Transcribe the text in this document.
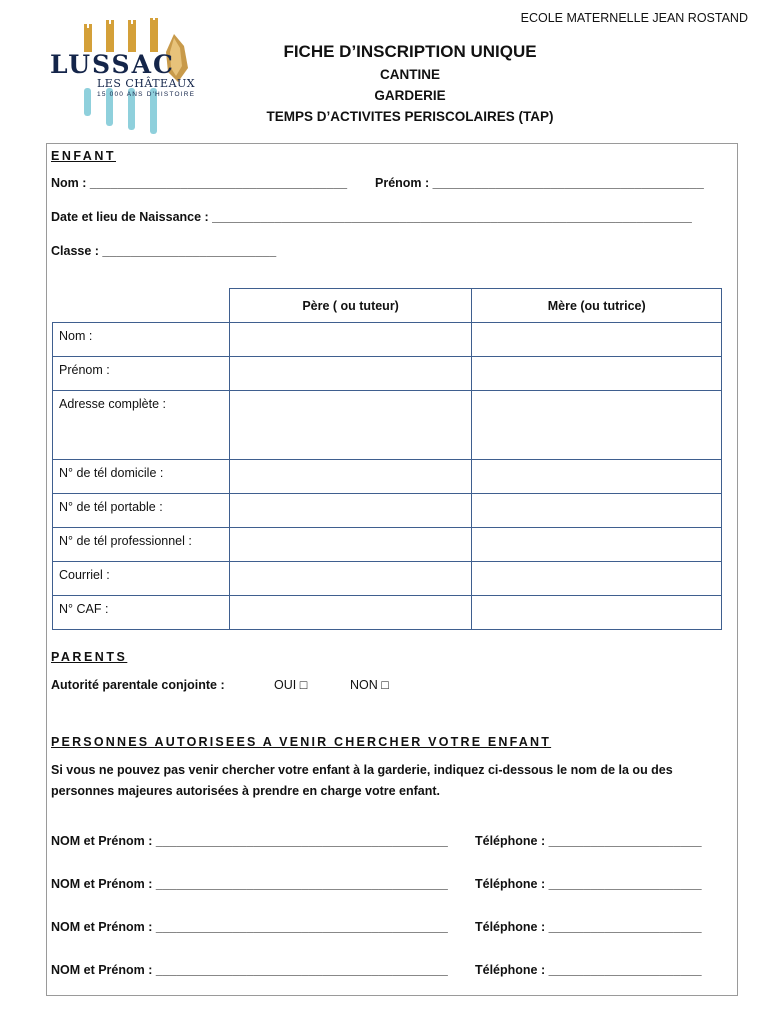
ECOLE MATERNELLE JEAN ROSTAND
LUSSAC
LES CHÂTEAUX
15 000 ANS D'HISTOIRE
FICHE D’INSCRIPTION UNIQUE
CANTINE
GARDERIE
TEMPS D’ACTIVITES PERISCOLAIRES (TAP)
ENFANT
Nom : _____________________________________ Prénom : _______________________________________
Date et lieu de Naissance : _____________________________________________________________________
Classe : _________________________
	Père ( ou tuteur)	Mère (ou tutrice)
Nom :		
Prénom :		
Adresse complète :		
N° de tél domicile :		
N° de tél portable :		
N° de tél professionnel :		
Courriel :		
N° CAF :		
PARENTS
Autorité parentale conjointe :	OUI □	NON □
PERSONNES AUTORISEES A VENIR CHERCHER VOTRE ENFANT
Si vous ne pouvez pas venir chercher votre enfant à la garderie, indiquez ci-dessous le nom de la ou des personnes majeures autorisées à prendre en charge votre enfant.
NOM et Prénom : __________________________________________ Téléphone : ______________________
NOM et Prénom : __________________________________________ Téléphone : ______________________
NOM et Prénom : __________________________________________ Téléphone : ______________________
NOM et Prénom : __________________________________________ Téléphone : ______________________
